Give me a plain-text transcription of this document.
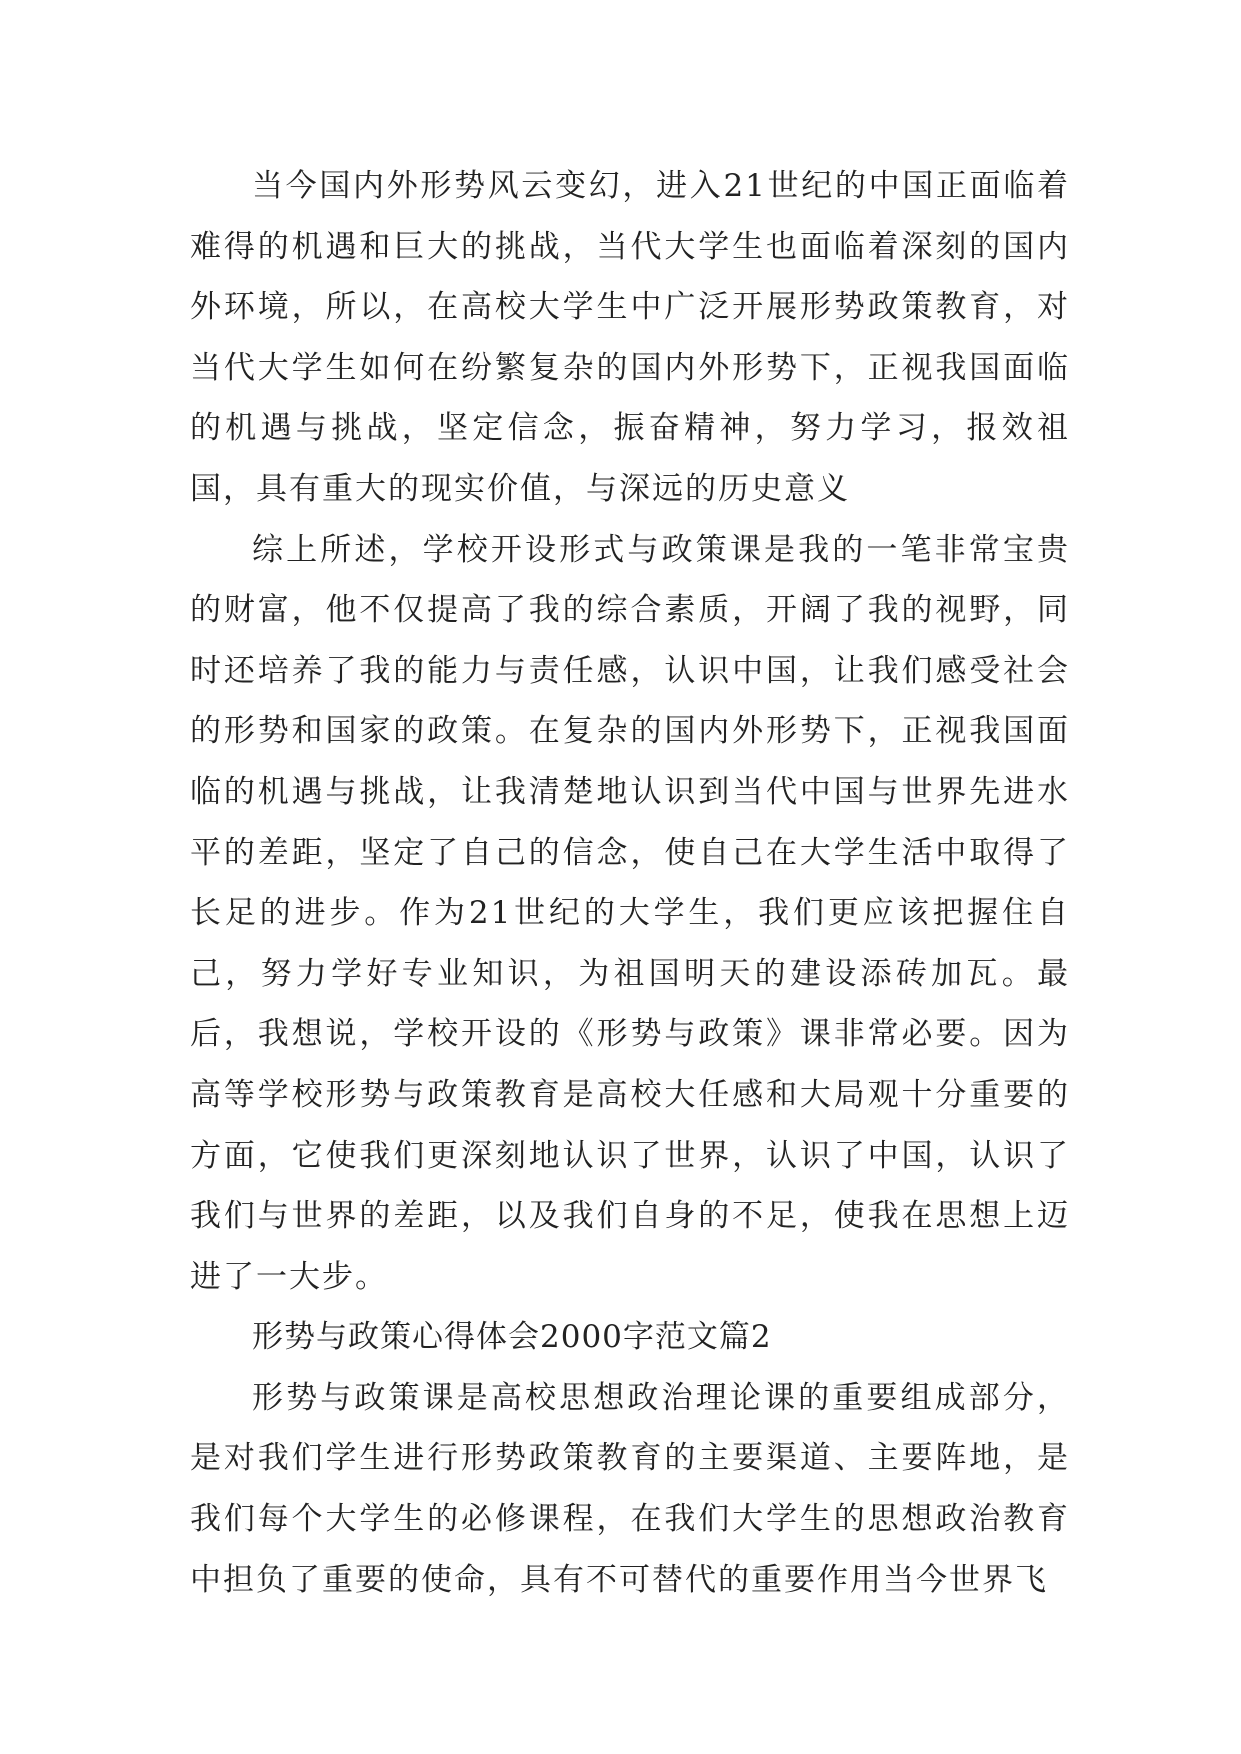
当今国内外形势风云变幻，进入21世纪的中国正面临着难得的机遇和巨大的挑战，当代大学生也面临着深刻的国内外环境，所以，在高校大学生中广泛开展形势政策教育，对当代大学生如何在纷繁复杂的国内外形势下，正视我国面临的机遇与挑战，坚定信念，振奋精神，努力学习，报效祖国，具有重大的现实价值，与深远的历史意义

综上所述，学校开设形式与政策课是我的一笔非常宝贵的财富，他不仅提高了我的综合素质，开阔了我的视野，同时还培养了我的能力与责任感，认识中国，让我们感受社会的形势和国家的政策。在复杂的国内外形势下，正视我国面临的机遇与挑战，让我清楚地认识到当代中国与世界先进水平的差距，坚定了自己的信念，使自己在大学生活中取得了长足的进步。作为21世纪的大学生，我们更应该把握住自己，努力学好专业知识，为祖国明天的建设添砖加瓦。最后，我想说，学校开设的《形势与政策》课非常必要。因为高等学校形势与政策教育是高校大任感和大局观十分重要的方面，它使我们更深刻地认识了世界，认识了中国，认识了我们与世界的差距，以及我们自身的不足，使我在思想上迈进了一大步。

形势与政策心得体会2000字范文篇2

形势与政策课是高校思想政治理论课的重要组成部分，是对我们学生进行形势政策教育的主要渠道、主要阵地，是我们每个大学生的必修课程，在我们大学生的思想政治教育中担负了重要的使命，具有不可替代的重要作用当今世界飞
